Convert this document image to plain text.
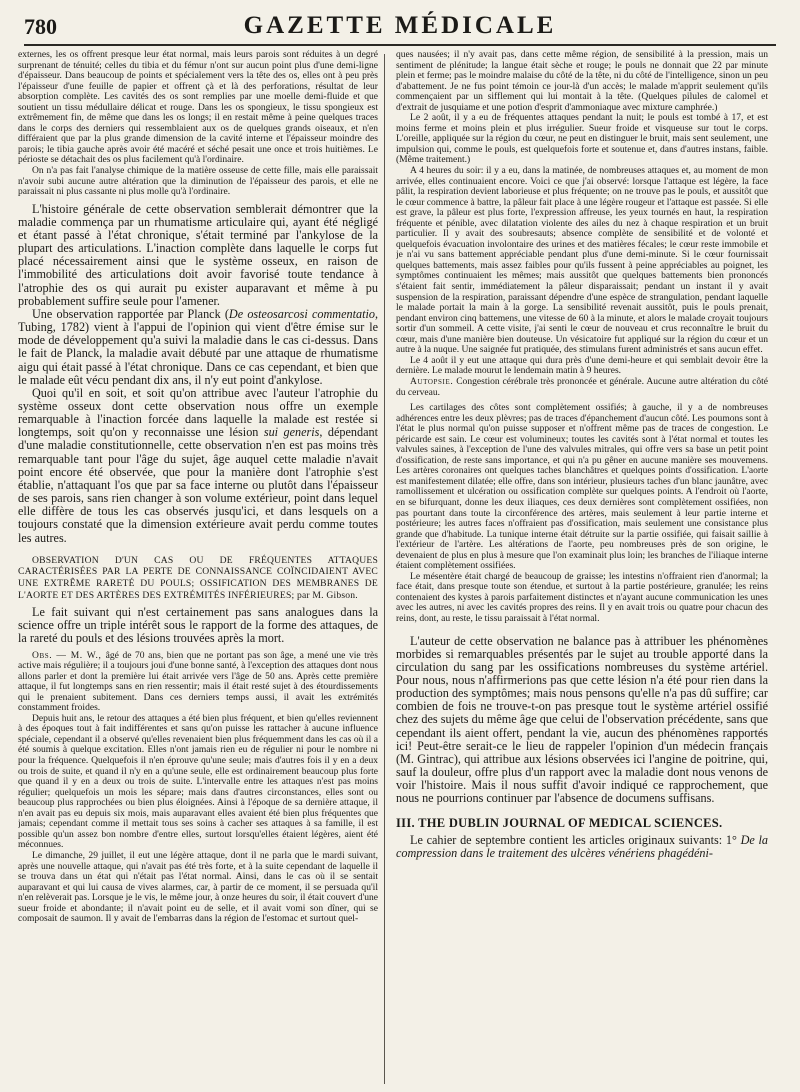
780	GAZETTE MÉDICALE

externes, les os offrent presque leur état normal, mais leurs parois sont réduites à un degré surprenant de ténuité; celles du tibia et du fémur n'ont sur aucun point plus d'une demi-ligne d'épaisseur. Dans beaucoup de points et spécialement vers la tête des os, elles ont à peu près l'épaisseur d'une feuille de papier et offrent çà et là des perforations, résultat de leur absorption complète. Les cavités des os sont remplies par une moelle demi-fluide et que soutient un tissu médullaire délicat et rouge. Dans les os spongieux, le tissu spongieux est extrêmement fin, de même que dans les os longs; il en restait même à peine quelques traces dans le corps des derniers qui ressemblaient aux os de quelques grands oiseaux, et n'en différaient que par la plus grande dimension de la cavité interne et l'épaisseur moindre des parois; le tibia gauche après avoir été macéré et séché pesait une once et trois huitièmes. Le périoste se détachait des os plus facilement qu'à l'ordinaire.

On n'a pas fait l'analyse chimique de la matière osseuse de cette fille, mais elle paraissait n'avoir subi aucune autre altération que la diminution de l'épaisseur des parois, et elle ne paraissait ni plus cassante ni plus molle qu'à l'ordinaire.

L'histoire générale de cette observation semblerait démontrer que la maladie commença par un rhumatisme articulaire qui, ayant été négligé et étant passé à l'état chronique, s'était terminé par l'ankylose de la plupart des articulations. L'inaction complète dans laquelle le corps fut placé nécessairement ainsi que le système osseux, en raison de l'immobilité des articulations doit avoir favorisé toute tendance à l'atrophie des os qui aurait pu exister auparavant et même à pu probablement suffire seule pour l'amener.

Une observation rapportée par Planck (De osteosarcosi commentatio, Tubing, 1782) vient à l'appui de l'opinion qui vient d'être émise sur le mode de développement qu'a suivi la maladie dans le cas ci-dessus. Dans le fait de Planck, la maladie avait débuté par une attaque de rhumatisme aigu qui était passé à l'état chronique. Dans ce cas cependant, et bien que le malade eût vécu pendant dix ans, il n'y eut point d'ankylose.

Quoi qu'il en soit, et soit qu'on attribue avec l'auteur l'atrophie du système osseux dont cette observation nous offre un exemple remarquable à l'inaction forcée dans laquelle la malade est restée si longtemps, soit qu'on y reconnaisse une lésion sui generis, dépendant d'une maladie constitutionnelle, cette observation n'en est pas moins très remarquable tant pour l'âge du sujet, âge auquel cette maladie n'avait point encore été observée, que pour la manière dont l'atrophie s'est établie, n'attaquant l'os que par sa face interne ou plutôt dans l'épaisseur de ses parois, sans rien changer à son volume extérieur, point dans lequel elle diffère de tous les cas observés jusqu'ici, et dans lesquels on a toujours constaté que la dimension extérieure avait perdu comme toutes les autres.

OBSERVATION D'UN CAS OU DE FRÉQUENTES ATTAQUES CARACTÉRISÉES PAR LA PERTE DE CONNAISSANCE COÏNCIDAIENT AVEC UNE EXTRÊME RARETÉ DU POULS; OSSIFICATION DES MEMBRANES DE L'AORTE ET DES ARTÈRES DES EXTRÉMITÉS INFÉRIEURES; par M. Gibson.

Le fait suivant qui n'est certainement pas sans analogues dans la science offre un triple intérêt sous le rapport de la forme des attaques, de la rareté du pouls et des lésions trouvées après la mort.

Obs. — M. W., âgé de 70 ans, bien que ne portant pas son âge, a mené une vie très active mais régulière; il a toujours joui d'une bonne santé, à l'exception des attaques dont nous allons parler et dont la première lui était arrivée vers l'âge de 50 ans. Après cette première attaque, il fut longtemps sans en rien ressentir; mais il était resté sujet à des étourdissements qui le prenaient subitement. Dans ces derniers temps aussi, il avait les extrémités constamment froides.

Depuis huit ans, le retour des attaques a été bien plus fréquent, et bien qu'elles reviennent à des époques tout à fait indifférentes et sans qu'on puisse les rattacher à aucune influence spéciale, cependant il a observé qu'elles revenaient bien plus fréquemment dans les cas où il a été soumis à quelque excitation. Elles n'ont jamais rien eu de régulier ni pour le nombre ni pour la fréquence. Quelquefois il n'en éprouve qu'une seule; mais d'autres fois il y en a deux ou trois de suite, et quand il n'y en a qu'une seule, elle est ordinairement beaucoup plus forte que quand il y en a deux ou trois de suite. L'intervalle entre les attaques n'est pas moins régulier; quelquefois un mois les sépare; mais dans d'autres circonstances, elles sont ou beaucoup plus rapprochées ou bien plus éloignées. Ainsi à l'époque de sa dernière attaque, il n'en avait pas eu depuis six mois, mais auparavant elles avaient été bien plus fréquentes que jamais; cependant comme il mettait tous ses soins à cacher ses attaques à sa famille, il est possible qu'un assez bon nombre d'entre elles, surtout lorsqu'elles étaient légères, aient été méconnues.

Le dimanche, 29 juillet, il eut une légère attaque, dont il ne parla que le mardi suivant, après une nouvelle attaque, qui n'avait pas été très forte, et à la suite cependant de laquelle il se trouva dans un état qui n'était pas l'état normal. Ainsi, dans le cas où il se sentait auparavant et qui lui causa de vives alarmes, car, à partir de ce moment, il se persuada qu'il n'en relèverait pas. Lorsque je le vis, le même jour, à onze heures du soir, il était couvert d'une sueur froide et abondante; il n'avait point eu de selle, et il avait vomi son dîner, qui se composait de saumon. Il y avait de l'embarras dans la région de l'estomac et surtout quel-

ques nausées; il n'y avait pas, dans cette même région, de sensibilité à la pression, mais un sentiment de plénitude; la langue était sèche et rouge; le pouls ne donnait que 22 par minute plein et ferme; pas le moindre malaise du côté de la tête, ni du côté de l'intelligence, sinon un peu d'abattement. Je ne fus point témoin ce jour-là d'un accès; le malade m'apprit seulement qu'ils commençaient par un sifflement qui lui montait à la tête. (Quelques pilules de calomel et d'extrait de jusquiame et une potion d'esprit d'ammoniaque avec mixture camphrée.)

Le 2 août, il y a eu de fréquentes attaques pendant la nuit; le pouls est tombé à 17, et est moins ferme et moins plein et plus irrégulier. Sueur froide et visqueuse sur tout le corps. L'oreille, appliquée sur la région du cœur, ne peut en distinguer le bruit, mais sent seulement, une impulsion qui, comme le pouls, est quelquefois forte et soutenue et, dans d'autres instans, faible. (Même traitement.)

A 4 heures du soir: il y a eu, dans la matinée, de nombreuses attaques et, au moment de mon arrivée, elles continuaient encore. Voici ce que j'ai observé: lorsque l'attaque est légère, la face pâlit, la respiration devient laborieuse et plus fréquente; on ne trouve pas le pouls, et aussitôt que le cœur commence à battre, la pâleur fait place à une légère rougeur et l'attaque est passée. Si elle est grave, la pâleur est plus forte, l'expression affreuse, les yeux tournés en haut, la respiration fréquente et pénible, avec dilatation violente des ailes du nez à chaque respiration et un bruit particulier. Il y avait des soubresauts; absence complète de sensibilité et de volonté et quelquefois évacuation involontaire des urines et des matières fécales; le cœur reste immobile et je n'ai vu sans battement appréciable pendant plus d'une demi-minute. Si le cœur fournissait quelques battements, mais assez faibles pour qu'ils fussent à peine appréciables au poignet, les symptômes continuaient les mêmes; mais aussitôt que quelques battements bien prononcés s'étaient fait sentir, immédiatement la pâleur disparaissait; pendant un instant il y avait suspension de la respiration, paraissant dépendre d'une espèce de strangulation, pendant laquelle le malade portait la main à la gorge. La sensibilité revenait aussitôt, puis le pouls prenait, pendant environ cinq battemens, une vitesse de 60 à la minute, et alors le malade croyait toujours sortir d'un sommeil. A cette visite, j'ai senti le cœur de nouveau et crus reconnaître le bruit du cœur, mais d'une manière bien douteuse. Un vésicatoire fut appliqué sur la région du cœur et un autre à la nuque. Une saignée fut pratiquée, des stimulans furent administrés et sans aucun effet.

Le 4 août il y eut une attaque qui dura près d'une demi-heure et qui semblait devoir être la dernière. Le malade mourut le lendemain matin à 9 heures.

Autopsie. Congestion cérébrale très prononcée et générale. Aucune autre altération du côté du cerveau.

Les cartilages des côtes sont complètement ossifiés; à gauche, il y a de nombreuses adhérences entre les deux plèvres; pas de traces d'épanchement d'aucun côté. Les poumons sont à l'état le plus normal qu'on puisse supposer et n'offrent même pas de traces de congestion. Le péricarde est sain. Le cœur est volumineux; toutes les cavités sont à l'état normal et toutes les valvules saines, à l'exception de l'une des valvules mitrales, qui offre vers sa base un petit point d'ossification, de reste sans importance, et qui n'a pu gêner en aucune manière ses mouvemens. Les artères coronaires ont quelques taches blanchâtres et quelques points d'ossification. L'aorte est manifestement dilatée; elle offre, dans son intérieur, plusieurs taches d'un blanc jaunâtre, avec ramollissement et ulcération ou ossification complète sur quelques points. A l'endroit où l'aorte, en se bifurquant, donne les deux iliaques, ces deux dernières sont complètement ossifiées, non pas pourtant dans toute la circonférence des artères, mais seulement à leur partie interne et postérieure; les autres faces n'offraient pas d'ossification, mais seulement une consistance plus grande que d'habitude. La tunique interne était détruite sur la partie ossifiée, qui faisait saillie à l'extérieur de l'artère. Les altérations de l'aorte, peu nombreuses près de son origine, le devenaient de plus en plus à mesure que l'on examinait plus loin; les branches de l'iliaque interne étaient complètement ossifiées.

Le mésentère était chargé de beaucoup de graisse; les intestins n'offraient rien d'anormal; la face était, dans presque toute son étendue, et surtout à la partie postérieure, granulée; les reins contenaient des kystes à parois parfaitement distinctes et n'ayant aucune communication les unes avec les autres, ni avec les cavités propres des reins. Il y en avait trois ou quatre pour chacun des reins, dont, au reste, le tissu paraissait à l'état normal.

L'auteur de cette observation ne balance pas à attribuer les phénomènes morbides si remarquables présentés par le sujet au trouble apporté dans la circulation du sang par les ossifications nombreuses du système artériel. Pour nous, nous n'affirmerions pas que cette lésion n'a été pour rien dans la production des symptômes; mais nous pensons qu'elle n'a pas dû suffire; car combien de fois ne trouve-t-on pas presque tout le système artériel ossifié chez des sujets du même âge que celui de l'observation précédente, sans que cependant ils aient offert, pendant la vie, aucun des phénomènes rapportés ici! Peut-être serait-ce le lieu de rappeler l'opinion d'un médecin français (M. Gintrac), qui attribue aux lésions observées ici l'angine de poitrine, qui, sauf la douleur, offre plus d'un rapport avec la maladie dont nous venons de voir l'histoire. Mais il nous suffit d'avoir indiqué ce rapprochement, que nous ne pourrions continuer par l'absence de documens suffisans.

III. THE DUBLIN JOURNAL OF MEDICAL SCIENCES.

Le cahier de septembre contient les articles originaux suivants: 1° De la compression dans le traitement des ulcères vénériens phagédéni-
